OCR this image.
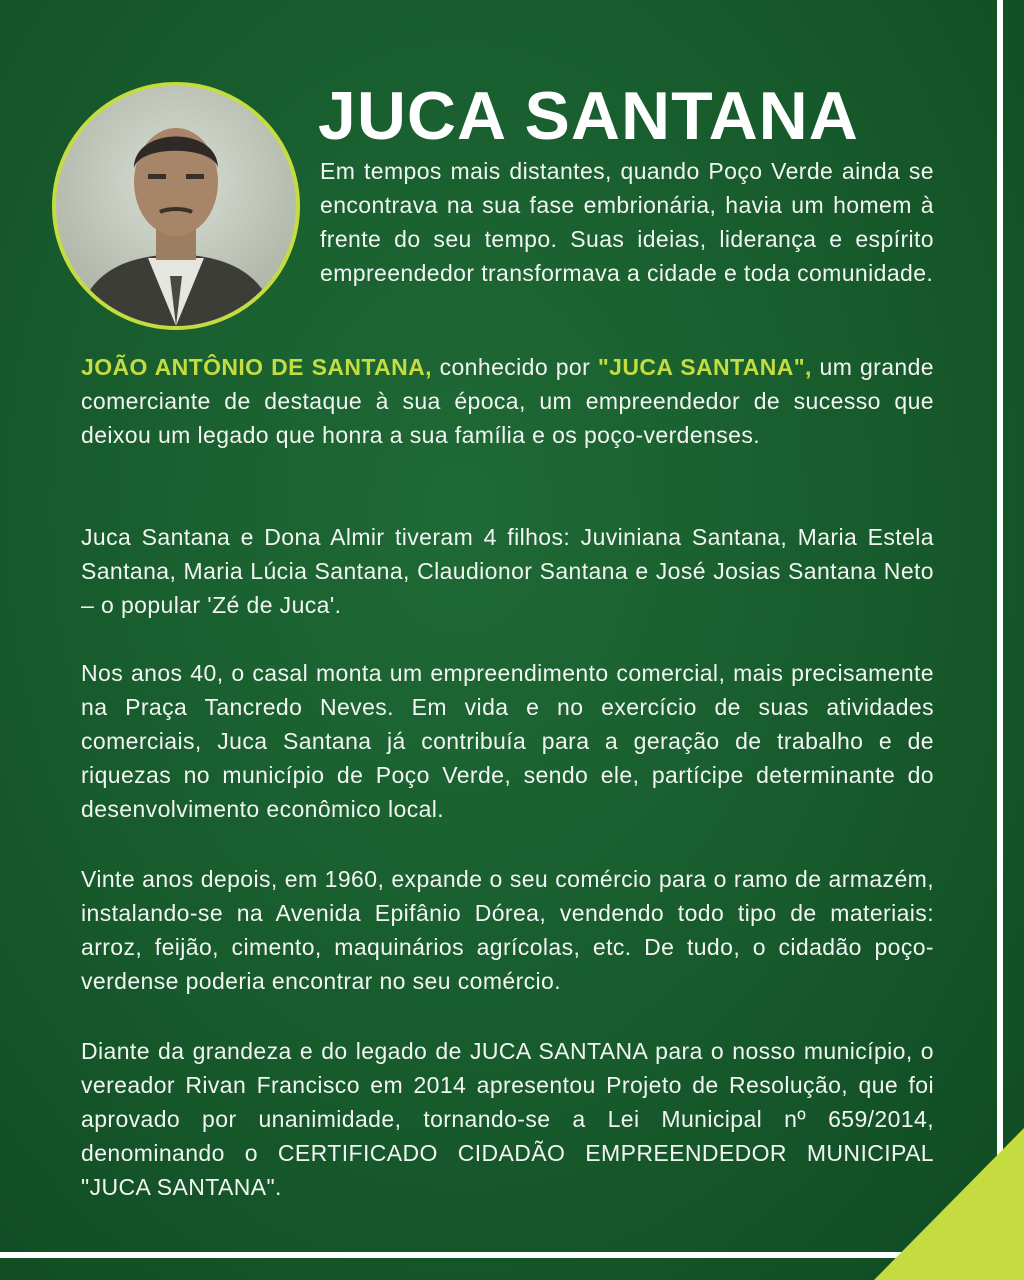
JUCA SANTANA

Em tempos mais distantes, quando Poço Verde ainda se encontrava na sua fase embrionária, havia um homem à frente do seu tempo. Suas ideias, liderança e espírito empreendedor transformava a cidade e toda comunidade.

JOÃO ANTÔNIO DE SANTANA, conhecido por "JUCA SANTANA", um grande comerciante de destaque à sua época, um empreendedor de sucesso que deixou um legado que honra a sua família e os poço-verdenses.

Juca Santana e Dona Almir tiveram 4 filhos: Juviniana Santana, Maria Estela Santana, Maria Lúcia Santana, Claudionor Santana e José Josias Santana Neto – o popular 'Zé de Juca'.

Nos anos 40, o casal monta um empreendimento comercial, mais precisamente na Praça Tancredo Neves. Em vida e no exercício de suas atividades comerciais, Juca Santana já contribuía para a geração de trabalho e de riquezas no município de Poço Verde, sendo ele, partícipe determinante do desenvolvimento econômico local.

Vinte anos depois, em 1960, expande o seu comércio para o ramo de armazém, instalando-se na Avenida Epifânio Dórea, vendendo todo tipo de materiais: arroz, feijão, cimento, maquinários agrícolas, etc. De tudo, o cidadão poço-verdense poderia encontrar no seu comércio.

Diante da grandeza e do legado de JUCA SANTANA para o nosso município, o vereador Rivan Francisco em 2014 apresentou Projeto de Resolução, que foi aprovado por unanimidade, tornando-se a Lei Municipal nº 659/2014, denominando o CERTIFICADO CIDADÃO EMPREENDEDOR MUNICIPAL "JUCA SANTANA".
